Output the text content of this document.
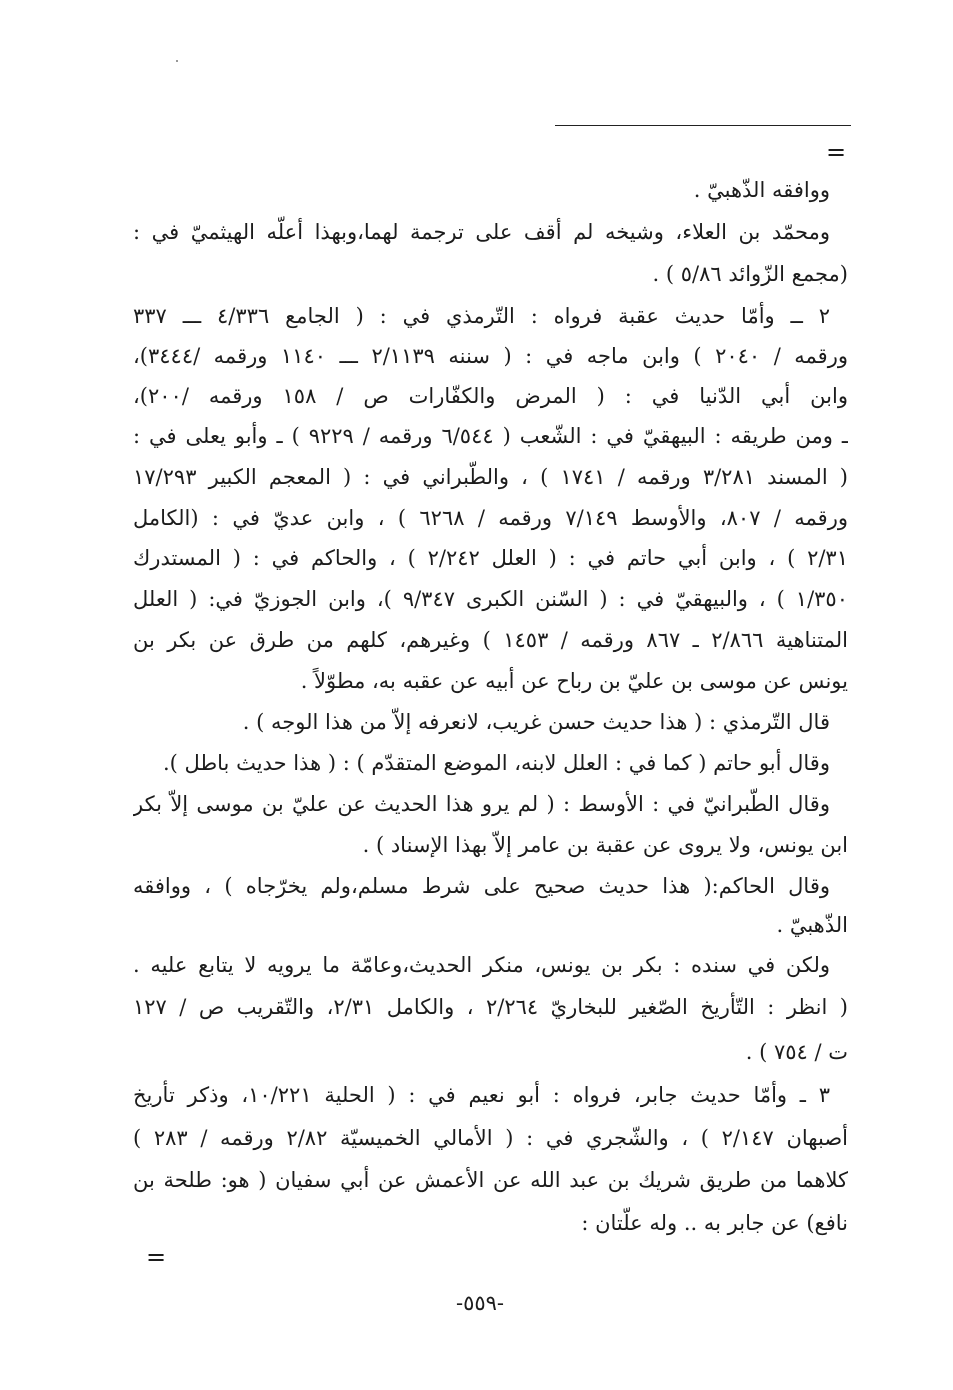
=
ووافقه الذّهبيّ .
ومحمّد بن العلاء، وشيخه لم أقف على ترجمة لهما،وبهذا أعلّه الهيثميّ في :
(مجمع الزّوائد ٥/٨٦ ) .
٢ ــ وأمّا حديث عقبة فرواه : التّرمذي في : ( الجامع ٤/٣٣٦ ـــ ٣٣٧
ورقمه / ٢٠٤٠ ) وابن ماجه في : ( سننه ٢/١١٣٩ ـــ ١١٤٠ ورقمه /٣٤٤٤)،
وابن أبي الدّنيا في : ( المرض والكفّارات ص / ١٥٨ ورقمه /٢٠٠)،
ـ ومن طريقه : البيهقيّ في : الشّعب ( ٦/٥٤٤ ورقمه / ٩٢٢٩ ) ـ وأبو يعلى في :
( المسند ٣/٢٨١ ورقمه / ١٧٤١ ) ، والطّبراني في : ( المعجم الكبير ١٧/٢٩٣
ورقمه / ٨٠٧، والأوسط ٧/١٤٩ ورقمه / ٦٢٦٨ ) ، وابن عديّ في : (الكامل
٢/٣١ ) ، وابن أبي حاتم في : ( العلل ٢/٢٤٢ ) ، والحاكم في : ( المستدرك
١/٣٥٠ ) ، والبيهقيّ في : ( السّنن الكبرى ٩/٣٤٧ )، وابن الجوزيّ في: ( العلل
المتناهية ٢/٨٦٦ ـ ٨٦٧ ورقمه / ١٤٥٣ ) وغيرهم، كلهم من طرق عن بكر بن
يونس عن موسى بن عليّ بن رباح عن أبيه عن عقبه به، مطوّلاً .
قال التّرمذي : ( هذا حديث حسن غريب، لانعرفه إلاّ من هذا الوجه ) .
وقال أبو حاتم ( كما في : العلل لابنه، الموضع المتقدّم ) : ( هذا حديث باطل ).
وقال الطّبرانيّ في : الأوسط : ( لم يرو هذا الحديث عن عليّ بن موسى إلاّ بكر
ابن يونس، ولا يروى عن عقبة بن عامر إلاّ بهذا الإسناد ) .
وقال الحاكم:( هذا حديث صحيح على شرط مسلم،ولم يخرّجاه ) ، ووافقه
الذّهبيّ .
ولكن في سنده : بكر بن يونس، منكر الحديث،وعامّة ما يرويه لا يتابع عليه .
( انظر : التّأريخ الصّغير للبخاريّ ٢/٢٦٤ ، والكامل ٢/٣١، والتّقريب ص / ١٢٧
ت / ٧٥٤ ) .
٣ ـ وأمّا حديث جابر، فرواه : أبو نعيم في : ( الحلية ١٠/٢٢١، وذكر تأريخ
أصبهان ٢/١٤٧ ) ، والشّجري في : ( الأمالي الخميسيّة ٢/٨٢ ورقمه / ٢٨٣ )
كلاهما من طريق شريك بن عبد الله عن الأعمش عن أبي سفيان ( هو: طلحة بن
نافع) عن جابر به .. وله علّتان :
=
-٥٥٩-
